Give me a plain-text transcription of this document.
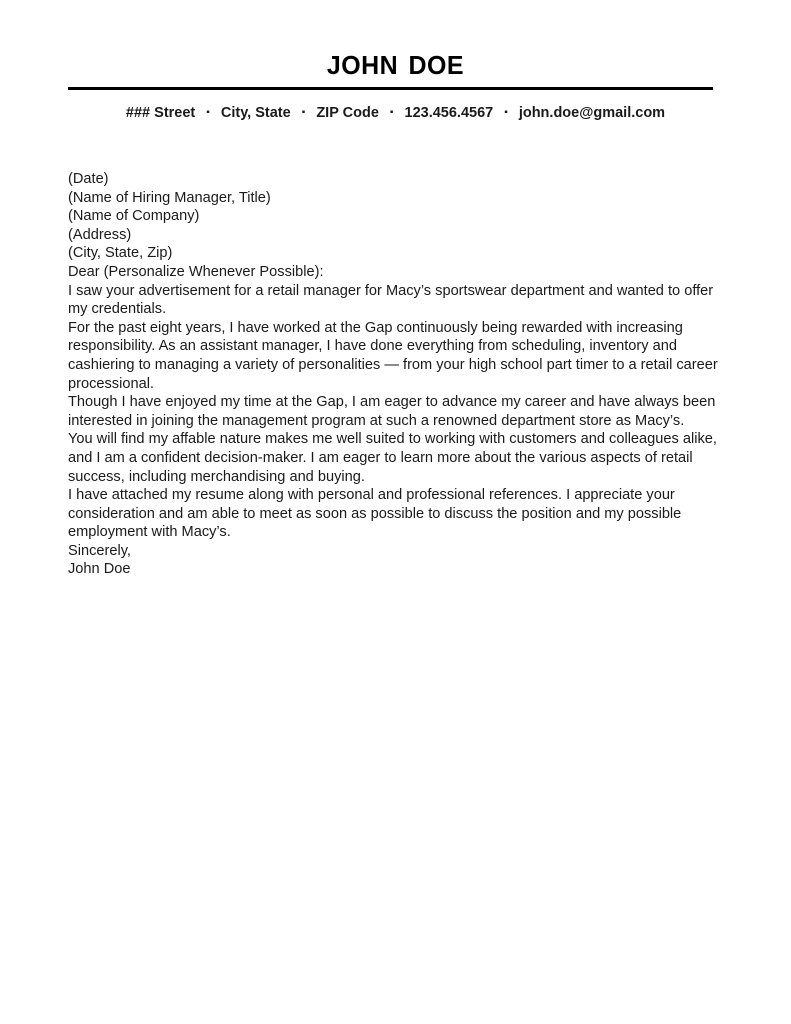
john doe
### Street ▪ City, State ▪ ZIP Code ▪ 123.456.4567 ▪ john.doe@gmail.com

(Date)

(Name of Hiring Manager, Title)
(Name of Company)
(Address)
(City, State, Zip)

Dear (Personalize Whenever Possible):

I saw your advertisement for a retail manager for Macy’s sportswear department and wanted to offer my credentials.

For the past eight years, I have worked at the Gap continuously being rewarded with increasing responsibility. As an assistant manager, I have done everything from scheduling, inventory and cashiering to managing a variety of personalities — from your high school part timer to a retail career processional.

Though I have enjoyed my time at the Gap, I am eager to advance my career and have always been interested in joining the management program at such a renowned department store as Macy’s.

You will find my affable nature makes me well suited to working with customers and colleagues alike, and I am a confident decision-maker. I am eager to learn more about the various aspects of retail success, including merchandising and buying.

I have attached my resume along with personal and professional references. I appreciate your consideration and am able to meet as soon as possible to discuss the position and my possible employment with Macy’s.

Sincerely,

John Doe
